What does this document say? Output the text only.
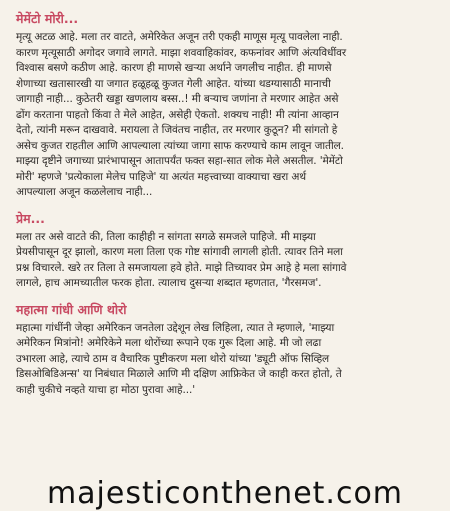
मेमेंटो मोरी...
मृत्यू अटळ आहे. मला तर वाटते, अमेरिकेत अजून तरी एकही माणूस मृत्यू पावलेला नाही.
कारण मृत्यूसाठी अगोदर जगावे लागते. माझा शववाहिकांवर, कफनांवर आणि अंत्यविधींवर
विश्वास बसणे कठीण आहे. कारण ही माणसे खऱ्या अर्थाने जगलीच नाहीत. ही माणसे
शेणाच्या खतासारखी या जगात हळूहळू कुजत गेली आहेत. यांच्या थडग्यासाठी मानाची
जागाही नाही... कुठेतरी खड्डा खणलाय बस्स..! मी बऱ्याच जणांना ते मरणार आहेत असे
ढोंग करताना पाहतो किंवा ते मेले आहेत, असेही ऐकतो. शक्यच नाही! मी त्यांना आव्हान
देतो, त्यांनी मरून दाखवावे. मरायला ते जिवंतच नाहीत, तर मरणार कुठून? मी सांगतो हे
असेच कुजत राहतील आणि आपल्याला त्यांच्या जागा साफ करण्याचे काम लावून जातील.
माझ्या दृष्टीने जगाच्या प्रारंभापासून आतापर्यंत फक्त सहा-सात लोक मेले असतील. 'मेमेंटो
मोरी' म्हणजे 'प्रत्येकाला मेलेच पाहिजे' या अत्यंत महत्त्वाच्या वाक्याचा खरा अर्थ
आपल्याला अजून कळलेलाच नाही...
प्रेम...
मला तर असे वाटते की, तिला काहीही न सांगता सगळे समजले पाहिजे. मी माझ्या
प्रेयसीपासून दूर झालो, कारण मला तिला एक गोष्ट सांगावी लागली होती. त्यावर तिने मला
प्रश्न विचारले. खरे तर तिला ते समजायला हवे होते. माझे तिच्यावर प्रेम आहे हे मला सांगावे
लागले, हाच आमच्यातील फरक होता. त्यालाच दुसऱ्या शब्दात म्हणतात, 'गैरसमज'.
महात्मा गांधी आणि थोरो
महात्मा गांधींनी जेव्हा अमेरिकन जनतेला उद्देशून लेख लिहिला, त्यात ते म्हणाले, 'माझ्या
अमेरिकन मित्रांनो! अमेरिकेने मला थोरोंच्या रूपाने एक गुरू दिला आहे. मी जो लढा
उभारला आहे, त्याचे ठाम व वैचारिक पुष्टीकरण मला थोरो यांच्या 'ड्यूटी ऑफ सिव्हिल
डिसओबिडिअन्स' या निबंधात मिळाले आणि मी दक्षिण आफ्रिकेत जे काही करत होतो, ते
काही चुकीचे नव्हते याचा हा मोठा पुरावा आहे...'
majesticonthenet.com
